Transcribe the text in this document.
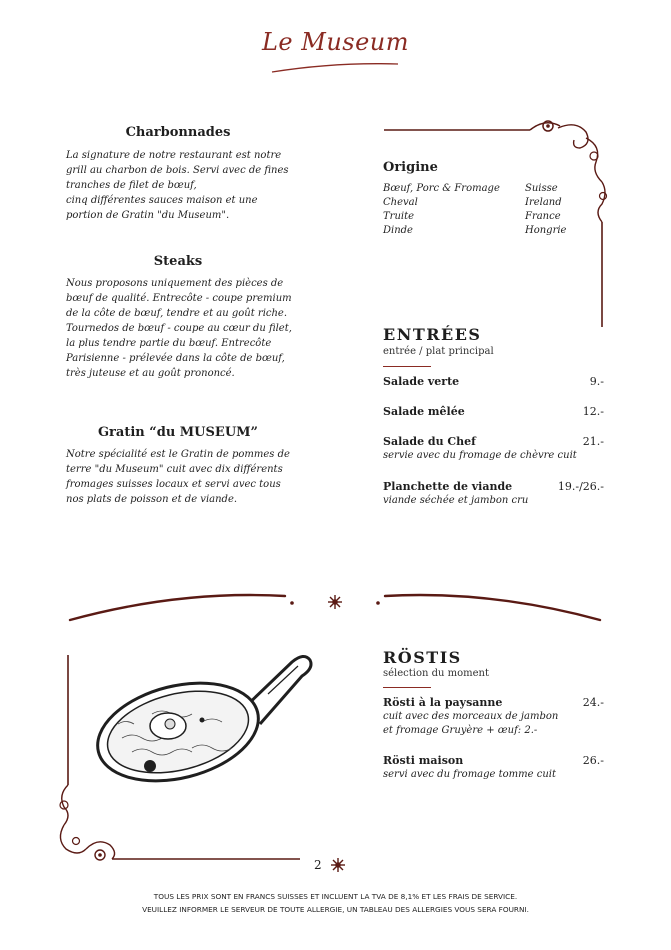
Le Museum
Charbonnades
La signature de notre restaurant est notre
grill au charbon de bois. Servi avec de fines
tranches de filet de bœuf,
cinq différentes sauces maison et une
portion de Gratin "du Museum".
Steaks
Nous proposons uniquement des pièces de
bœuf de qualité. Entrecôte - coupe premium
de la côte de bœuf, tendre et au goût riche.
Tournedos de bœuf - coupe au cœur du filet,
la plus tendre partie du bœuf. Entrecôte
Parisienne - prélevée dans la côte de bœuf,
très juteuse et au goût prononcé.
Gratin “du MUSEUM”
Notre spécialité est le Gratin de pommes de
terre "du Museum" cuit avec dix différents
fromages suisses locaux et servi avec tous
nos plats de poisson et de viande.
Origine
Bœuf, Porc & Fromage	Suisse
Cheval	Ireland
Truite	France
Dinde	Hongrie
ENTRÉES
entrée / plat principal
Salade verte	9.-
Salade mêlée	12.-
Salade du Chef	21.-
servie avec du fromage de chèvre cuit
Planchette de viande	19.-/26.-
viande séchée et jambon cru
RÖSTIS
sélection du moment
Rösti à la paysanne	24.-
cuit avec des morceaux de jambon
et fromage Gruyère + œuf: 2.-
Rösti maison	26.-
servi avec du fromage tomme cuit
2
TOUS LES PRIX SONT EN FRANCS SUISSES ET INCLUENT LA TVA DE 8,1% ET LES FRAIS DE SERVICE.
VEUILLEZ INFORMER LE SERVEUR DE TOUTE ALLERGIE, UN TABLEAU DES ALLERGIES VOUS SERA FOURNI.
